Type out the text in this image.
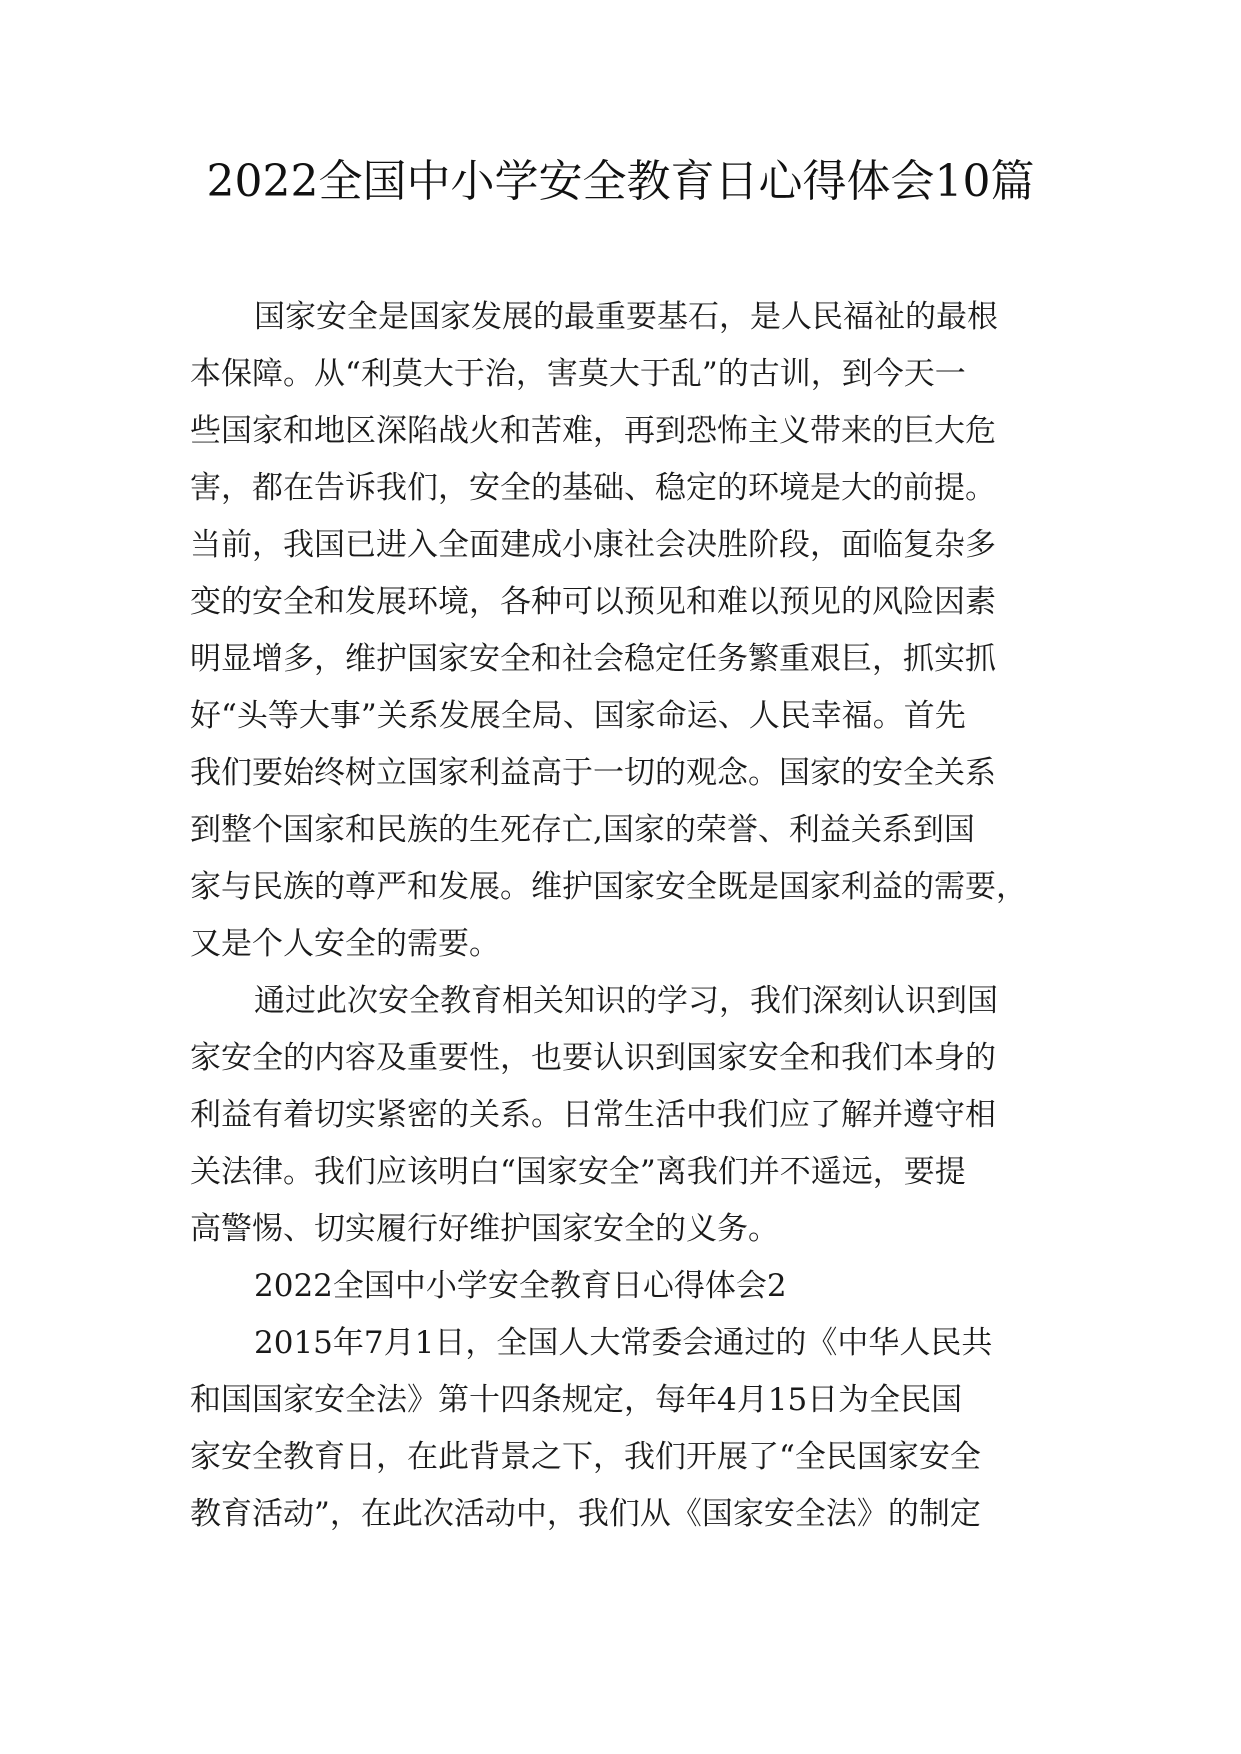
2022全国中小学安全教育日心得体会10篇
国家安全是国家发展的最重要基石，是人民福祉的最根
本保障。从“利莫大于治，害莫大于乱”的古训，到今天一
些国家和地区深陷战火和苦难，再到恐怖主义带来的巨大危
害，都在告诉我们，安全的基础、稳定的环境是大的前提。
当前，我国已进入全面建成小康社会决胜阶段，面临复杂多
变的安全和发展环境，各种可以预见和难以预见的风险因素
明显增多，维护国家安全和社会稳定任务繁重艰巨，抓实抓
好“头等大事”关系发展全局、国家命运、人民幸福。首先
我们要始终树立国家利益高于一切的观念。国家的安全关系
到整个国家和民族的生死存亡,国家的荣誉、利益关系到国
家与民族的尊严和发展。维护国家安全既是国家利益的需要，
又是个人安全的需要。
通过此次安全教育相关知识的学习，我们深刻认识到国
家安全的内容及重要性，也要认识到国家安全和我们本身的
利益有着切实紧密的关系。日常生活中我们应了解并遵守相
关法律。我们应该明白“国家安全”离我们并不遥远，要提
高警惕、切实履行好维护国家安全的义务。
2022全国中小学安全教育日心得体会2
2015年7月1日，全国人大常委会通过的《中华人民共
和国国家安全法》第十四条规定，每年4月15日为全民国
家安全教育日，在此背景之下，我们开展了“全民国家安全
教育活动”，在此次活动中，我们从《国家安全法》的制定
